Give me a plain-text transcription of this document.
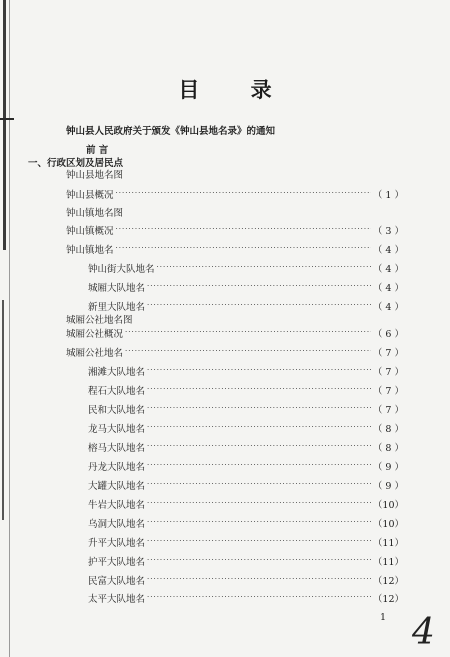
目 录
钟山县人民政府关于颁发《钟山县地名录》的通知
前 言
一、行政区划及居民点
钟山县地名图
钟山县概况 ·····	（ 1 ）
钟山镇地名图
钟山镇概况 ·····	（ 3 ）
钟山镇地名 ·····	（ 4 ）
钟山街大队地名 ·····	（ 4 ）
城厢大队地名 ·····	（ 4 ）
新里大队地名 ·····	（ 4 ）
城厢公社地名图
城厢公社概况 ·····	（ 6 ）
城厢公社地名 ·····	（ 7 ）
湘滩大队地名 ·····	（ 7 ）
程石大队地名 ·····	（ 7 ）
民和大队地名 ·····	（ 7 ）
龙马大队地名 ·····	（ 8 ）
榕马大队地名 ·····	（ 8 ）
丹龙大队地名 ·····	（ 9 ）
大罐大队地名 ·····	（ 9 ）
牛岩大队地名 ·····	（10）
乌洞大队地名 ·····	（10）
升平大队地名 ·····	（11）
护平大队地名 ·····	（11）
民富大队地名 ·····	（12）
太平大队地名 ·····	（12）
1 4
